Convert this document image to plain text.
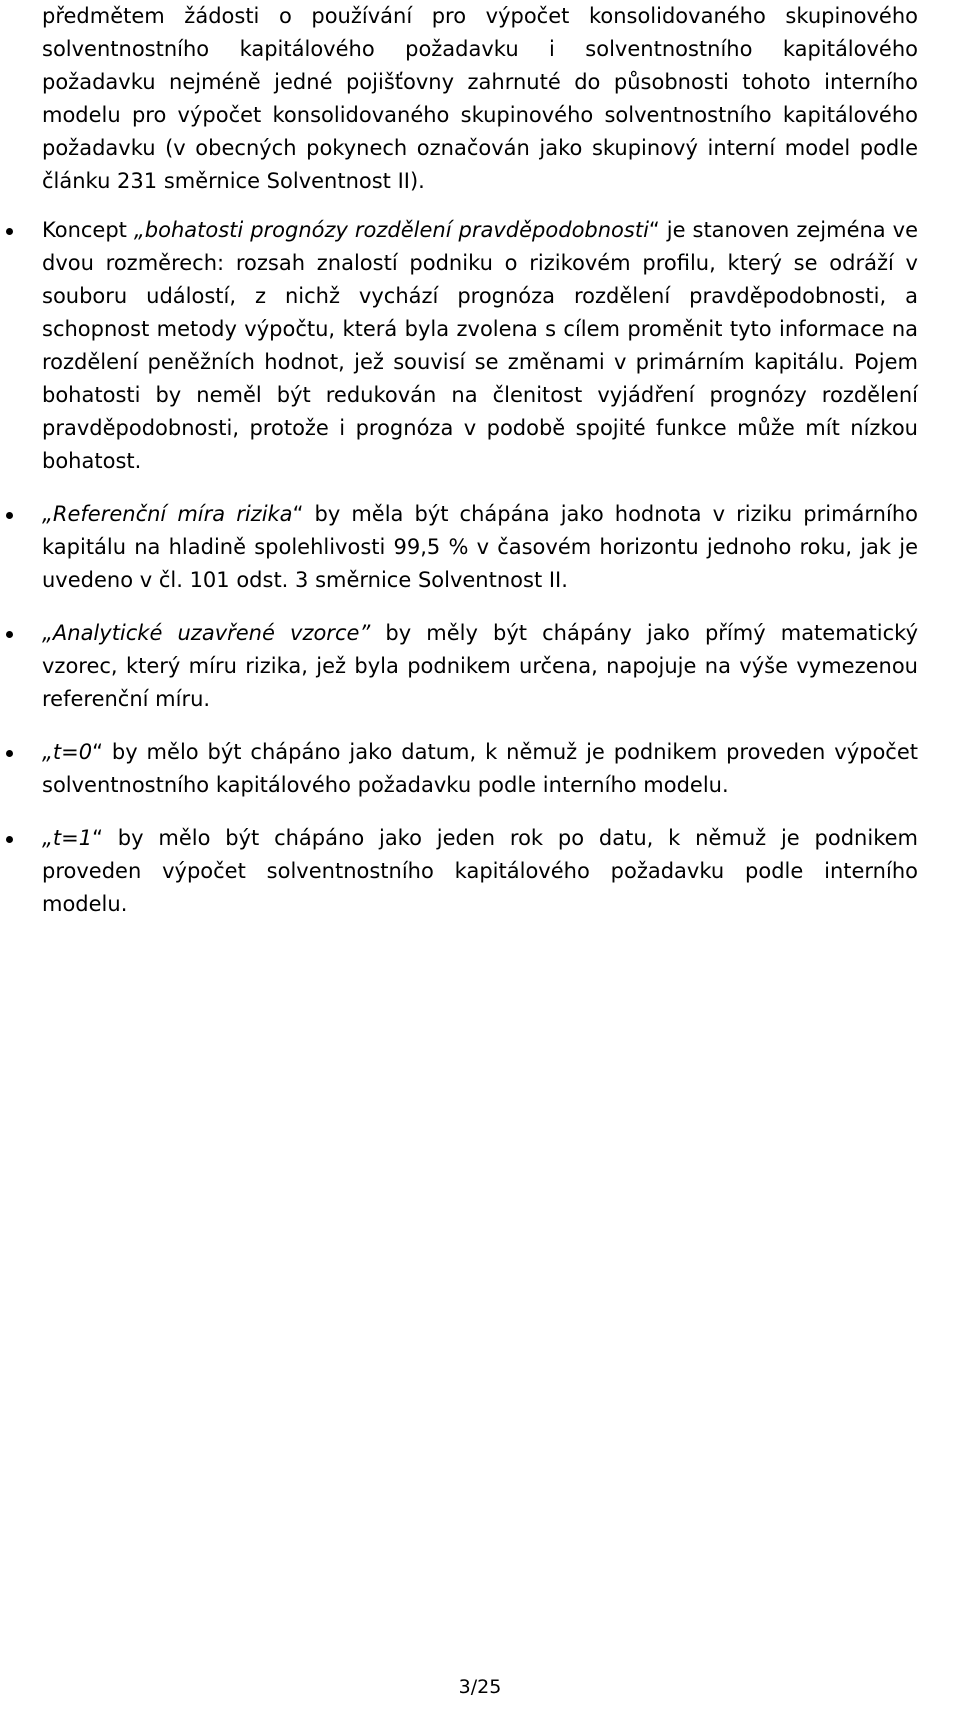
předmětem žádosti o používání pro výpočet konsolidovaného skupinového solventnostního kapitálového požadavku i solventnostního kapitálového požadavku nejméně jedné pojišťovny zahrnuté do působnosti tohoto interního modelu pro výpočet konsolidovaného skupinového solventnostního kapitálového požadavku (v obecných pokynech označován jako skupinový interní model podle článku 231 směrnice Solventnost II).

Koncept „bohatosti prognózy rozdělení pravděpodobnosti“ je stanoven zejména ve dvou rozměrech: rozsah znalostí podniku o rizikovém profilu, který se odráží v souboru událostí, z nichž vychází prognóza rozdělení pravděpodobnosti, a schopnost metody výpočtu, která byla zvolena s cílem proměnit tyto informace na rozdělení peněžních hodnot, jež souvisí se změnami v primárním kapitálu. Pojem bohatosti by neměl být redukován na členitost vyjádření prognózy rozdělení pravděpodobnosti, protože i prognóza v podobě spojité funkce může mít nízkou bohatost.
„Referenční míra rizika“ by měla být chápána jako hodnota v riziku primárního kapitálu na hladině spolehlivosti 99,5 % v časovém horizontu jednoho roku, jak je uvedeno v čl. 101 odst. 3 směrnice Solventnost II.
„Analytické uzavřené vzorce” by měly být chápány jako přímý matematický vzorec, který míru rizika, jež byla podnikem určena, napojuje na výše vymezenou referenční míru.
„t=0“ by mělo být chápáno jako datum, k němuž je podnikem proveden výpočet solventnostního kapitálového požadavku podle interního modelu.
„t=1“ by mělo být chápáno jako jeden rok po datu, k němuž je podnikem proveden výpočet solventnostního kapitálového požadavku podle interního modelu.
3/25
